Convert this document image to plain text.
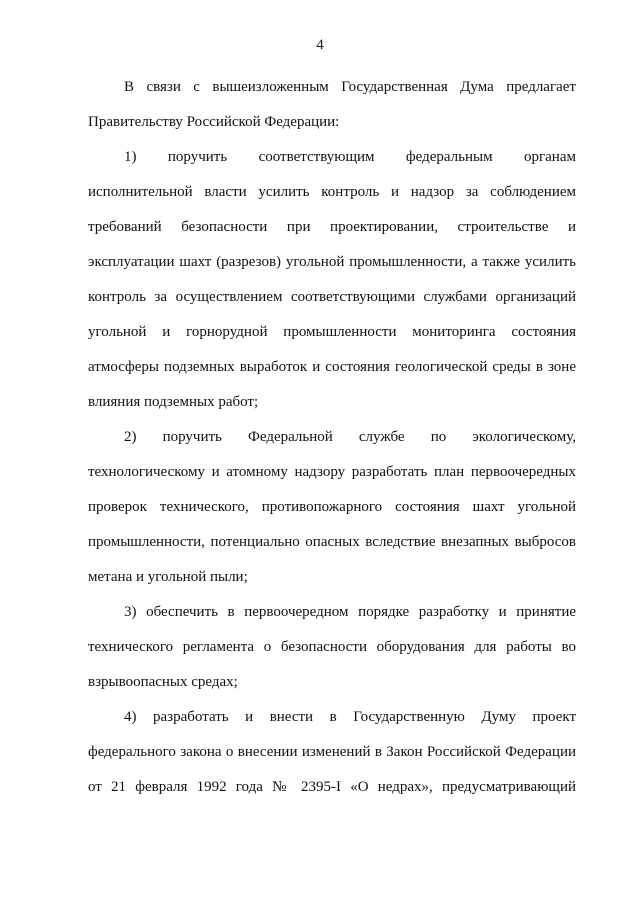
4

В связи с вышеизложенным Государственная Дума предлагает
Правительству Российской Федерации:

1) поручить соответствующим федеральным органам
исполнительной власти усилить контроль и надзор за соблюдением
требований безопасности при проектировании, строительстве и
эксплуатации шахт (разрезов) угольной промышленности, а также усилить
контроль за осуществлением соответствующими службами организаций
угольной и горнорудной промышленности мониторинга состояния
атмосферы подземных выработок и состояния геологической среды в зоне
влияния подземных работ;

2) поручить Федеральной службе по экологическому,
технологическому и атомному надзору разработать план первоочередных
проверок технического, противопожарного состояния шахт угольной
промышленности, потенциально опасных вследствие внезапных выбросов
метана и угольной пыли;

3) обеспечить в первоочередном порядке разработку и принятие
технического регламента о безопасности оборудования для работы во
взрывоопасных средах;

4) разработать и внести в Государственную Думу проект
федерального закона о внесении изменений в Закон Российской Федерации
от 21 февраля 1992 года № 2395-I «О недрах», предусматривающий
